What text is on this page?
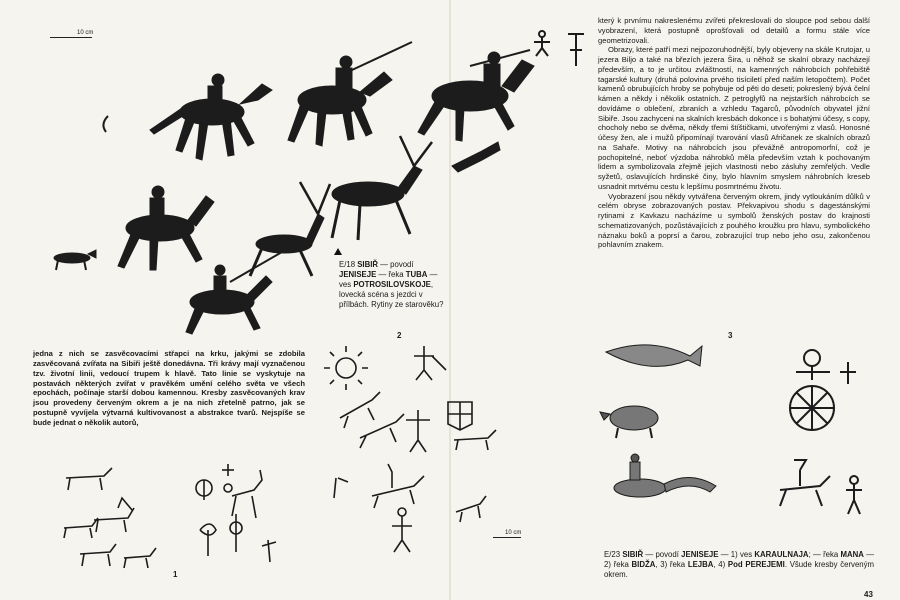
10 cm

E/18 SIBIŘ — povodí JENISEJE — řeka TUBA — ves POTROSILOVSKOJE, lovecká scéna s jezdci v přílbách. Rytiny ze starověku?

který k prvnímu nakreslenému zvířeti překreslovali do sloupce pod sebou další vyobrazení, která postupně oprošťovali od detailů a formu stále více geometrizovali.

Obrazy, které patří mezi nejpozoruhodnější, byly objeveny na skále Krutojar, u jezera Biljo a také na březích jezera Šira, u něhož se skalní obrazy nacházejí především, a to je určitou zvláštností, na kamenných náhrobcích pohřebiště tagarské kultury (druhá polovina prvého tisíciletí před naším letopočtem). Počet kamenů obrubujících hroby se pohybuje od pěti do deseti; pokreslený bývá čelní kámen a někdy i několik ostatních. Z petroglyfů na nejstarších náhrobcích se dovídáme o oblečení, zbraních a vzhledu Tagarců, původních obyvatel jižní Sibiře. Jsou zachyceni na skalních kresbách dokonce i s bohatými účesy, s copy, chocholy nebo se dvěma, někdy třemi štíštičkami, utvořenými z vlasů. Honosné účesy žen, ale i mužů připomínají tvarování vlasů Afričanek ze skalních obrazů na Sahaře. Motivy na náhrobcích jsou převážně antropomorfní, což je pochopitelné, neboť výzdoba náhrobků měla především vztah k pochovaným lidem a symbolizovala zřejmě jejich vlastnosti nebo zásluhy zemřelých. Vedle syžetů, oslavujících hrdinské činy, bylo hlavním smyslem náhrobních kreseb usnadnit mrtvému cestu k lepšímu posmrtnému životu.

Vyobrazení jsou někdy vytvářena červeným okrem, jindy vytloukáním důlků v celém obryse zobrazovaných postav. Překvapivou shodu s dagestánskými rytinami z Kavkazu nacházíme u symbolů ženských postav do krajnosti schematizovaných, pozůstávajících z pouhého kroužku pro hlavu, symbolického náznaku boků a poprsí a čarou, zobrazující trup nebo jeho osu, zakončenou pohlavním znakem.

jedna z nich se zasvěcovacími střapci na krku, jakými se zdobila zasvěcovaná zvířata na Sibiři ještě donedávna. Tři krávy mají vyznačenou tzv. životní linii, vedoucí trupem k hlavě. Tato linie se vyskytuje na postavách některých zvířat v pravěkém umění celého světa ve všech epochách, počínaje starší dobou kamennou. Kresby zasvěcovaných krav jsou provedeny červeným okrem a je na nich zřetelně patrno, jak se postupně vyvíjela výtvarná kultivovanost a abstrakce tvarů. Nejspíše se bude jednat o několik autorů,

1
2
10 cm
3

E/23 SIBIŘ — povodí JENISEJE — 1) ves KARAULNAJA; — řeka MANA — 2) řeka BIDŽA, 3) řeka LEJBA, 4) Pod PEREJEMI. Všude kresby červeným okrem.

43
